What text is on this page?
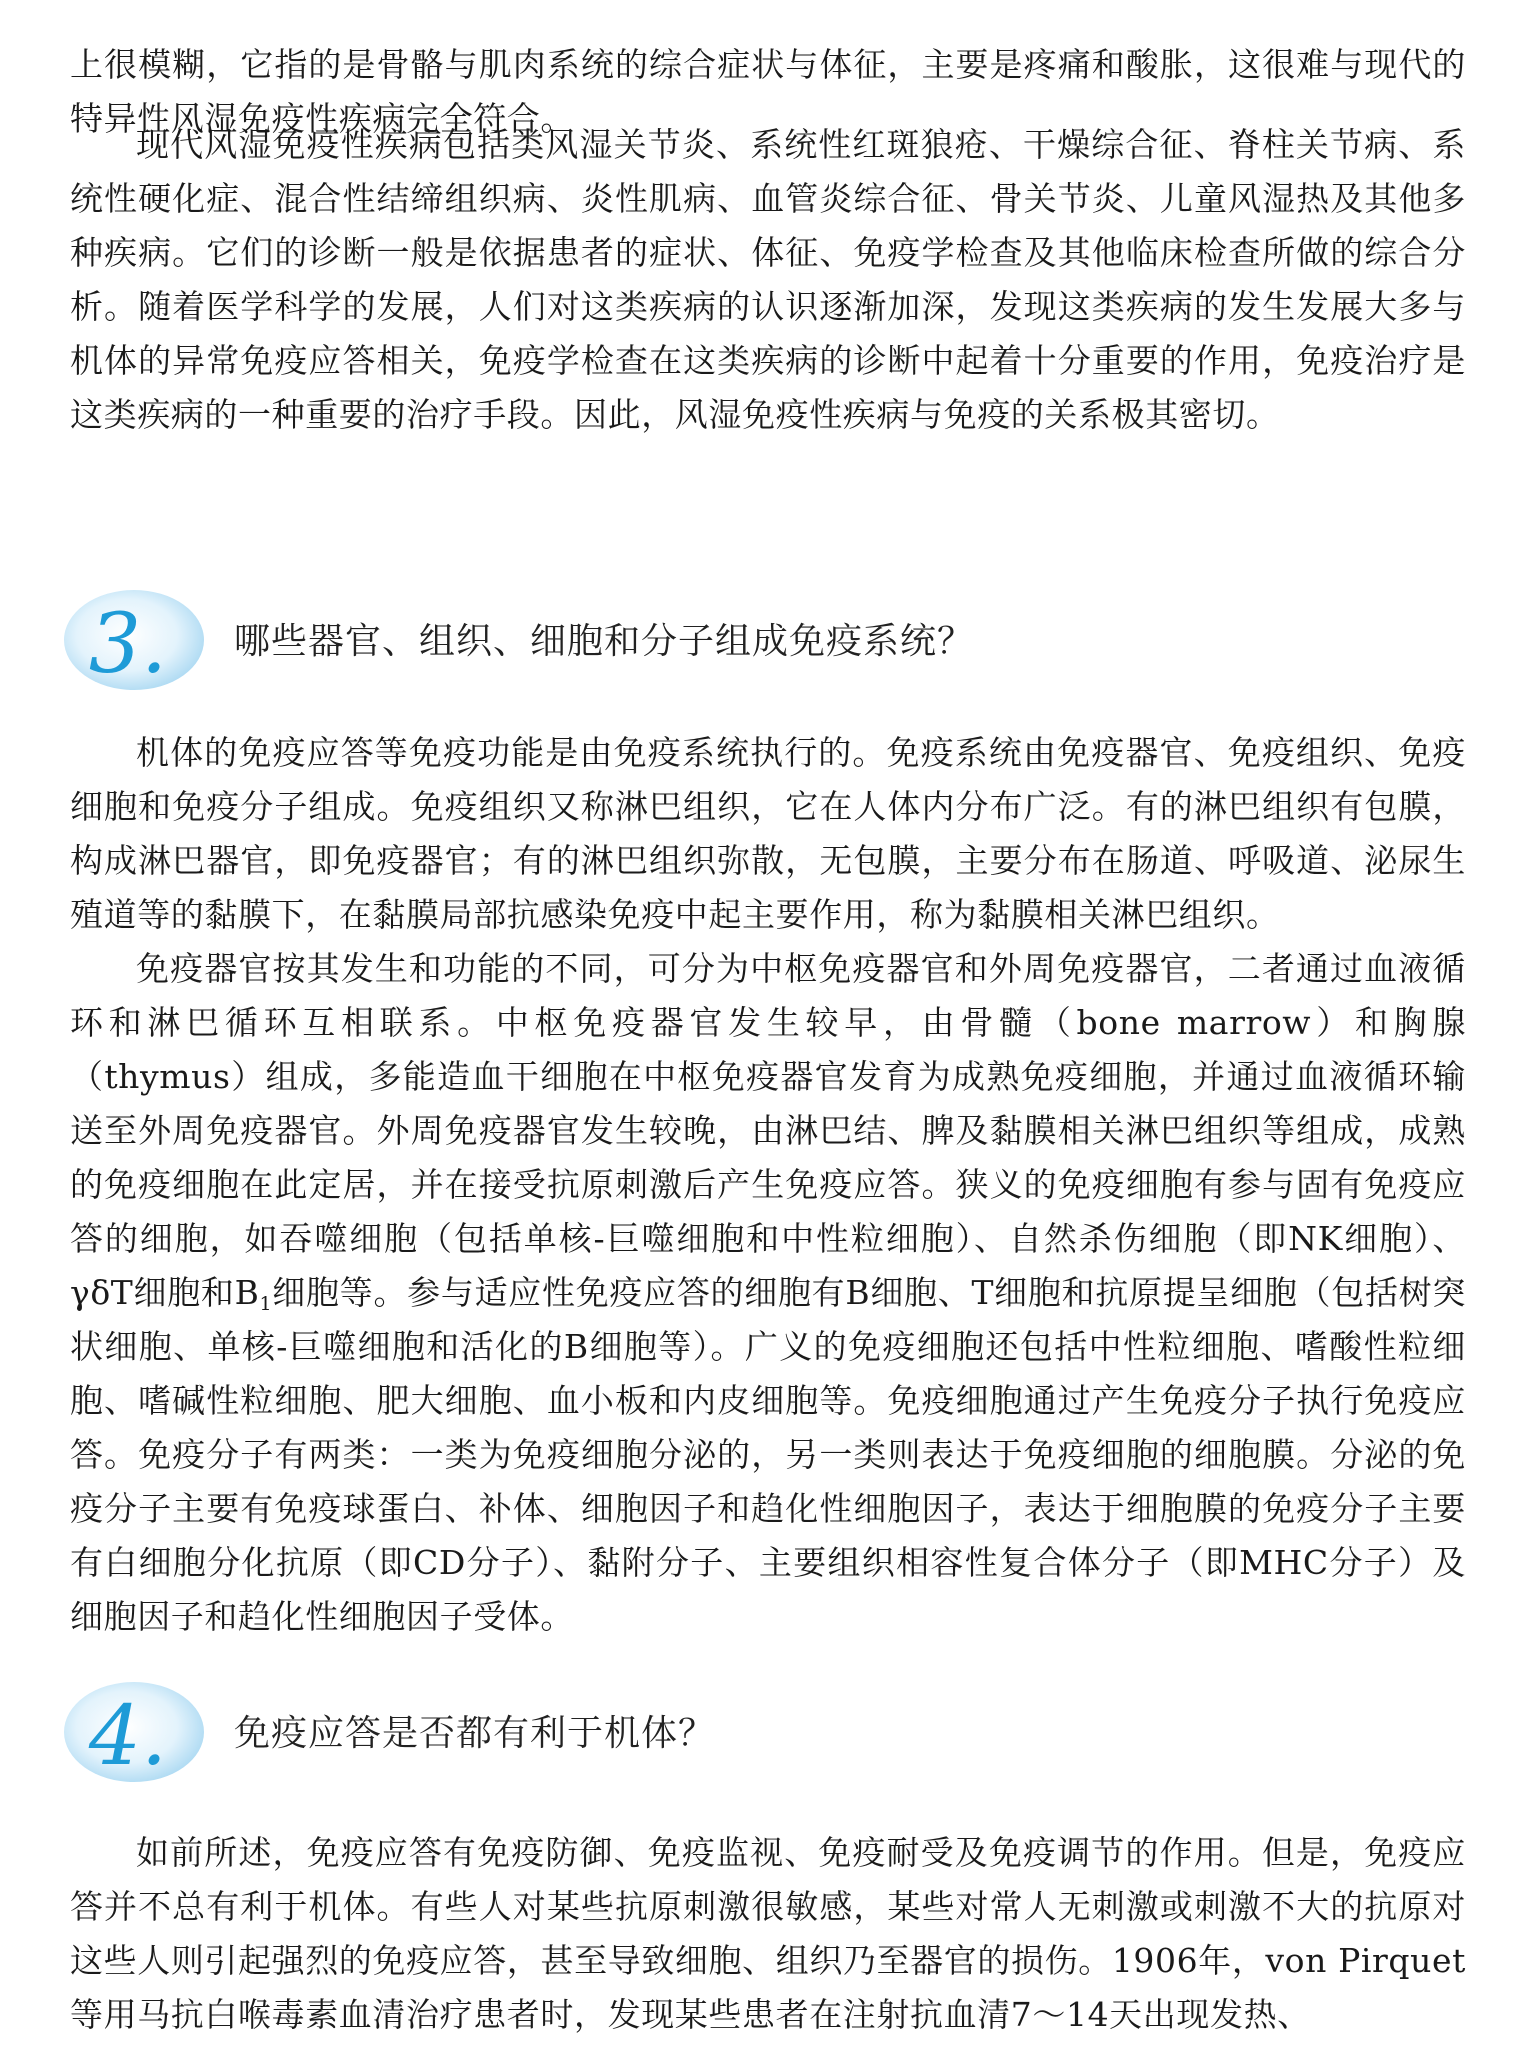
上很模糊，它指的是骨骼与肌肉系统的综合症状与体征，主要是疼痛和酸胀，这很难与现代的特异性风湿免疫性疾病完全符合。

现代风湿免疫性疾病包括类风湿关节炎、系统性红斑狼疮、干燥综合征、脊柱关节病、系统性硬化症、混合性结缔组织病、炎性肌病、血管炎综合征、骨关节炎、儿童风湿热及其他多种疾病。它们的诊断一般是依据患者的症状、体征、免疫学检查及其他临床检查所做的综合分析。随着医学科学的发展，人们对这类疾病的认识逐渐加深，发现这类疾病的发生发展大多与机体的异常免疫应答相关，免疫学检查在这类疾病的诊断中起着十分重要的作用，免疫治疗是这类疾病的一种重要的治疗手段。因此，风湿免疫性疾病与免疫的关系极其密切。

3. 哪些器官、组织、细胞和分子组成免疫系统？

机体的免疫应答等免疫功能是由免疫系统执行的。免疫系统由免疫器官、免疫组织、免疫细胞和免疫分子组成。免疫组织又称淋巴组织，它在人体内分布广泛。有的淋巴组织有包膜，构成淋巴器官，即免疫器官；有的淋巴组织弥散，无包膜，主要分布在肠道、呼吸道、泌尿生殖道等的黏膜下，在黏膜局部抗感染免疫中起主要作用，称为黏膜相关淋巴组织。

免疫器官按其发生和功能的不同，可分为中枢免疫器官和外周免疫器官，二者通过血液循环和淋巴循环互相联系。中枢免疫器官发生较早，由骨髓（bone marrow）和胸腺（thymus）组成，多能造血干细胞在中枢免疫器官发育为成熟免疫细胞，并通过血液循环输送至外周免疫器官。外周免疫器官发生较晚，由淋巴结、脾及黏膜相关淋巴组织等组成，成熟的免疫细胞在此定居，并在接受抗原刺激后产生免疫应答。狭义的免疫细胞有参与固有免疫应答的细胞，如吞噬细胞（包括单核-巨噬细胞和中性粒细胞）、自然杀伤细胞（即NK细胞）、γδT细胞和$B_1$细胞等。参与适应性免疫应答的细胞有B细胞、T细胞和抗原提呈细胞（包括树突状细胞、单核-巨噬细胞和活化的B细胞等）。广义的免疫细胞还包括中性粒细胞、嗜酸性粒细胞、嗜碱性粒细胞、肥大细胞、血小板和内皮细胞等。免疫细胞通过产生免疫分子执行免疫应答。免疫分子有两类：一类为免疫细胞分泌的，另一类则表达于免疫细胞的细胞膜。分泌的免疫分子主要有免疫球蛋白、补体、细胞因子和趋化性细胞因子，表达于细胞膜的免疫分子主要有白细胞分化抗原（即CD分子）、黏附分子、主要组织相容性复合体分子（即MHC分子）及细胞因子和趋化性细胞因子受体。

4. 免疫应答是否都有利于机体？

如前所述，免疫应答有免疫防御、免疫监视、免疫耐受及免疫调节的作用。但是，免疫应答并不总有利于机体。有些人对某些抗原刺激很敏感，某些对常人无刺激或刺激不大的抗原对这些人则引起强烈的免疫应答，甚至导致细胞、组织乃至器官的损伤。1906年，von Pirquet等用马抗白喉毒素血清治疗患者时，发现某些患者在注射抗血清7～14天出现发热、
